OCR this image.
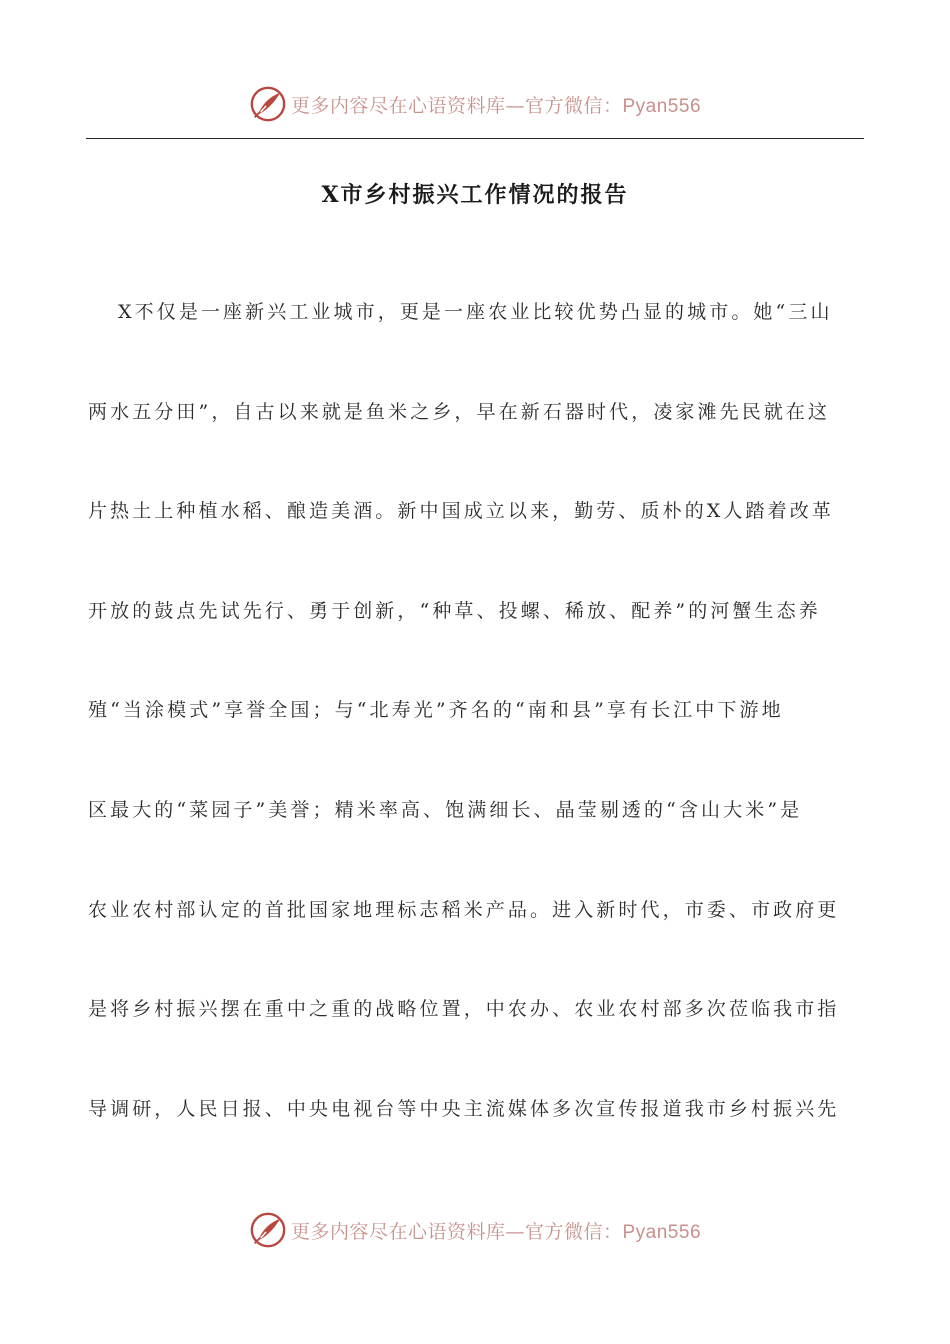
更多内容尽在心语资料库—官方微信：Pyan556
X市乡村振兴工作情况的报告

X不仅是一座新兴工业城市，更是一座农业比较优势凸显的城市。她“三山
两水五分田”，自古以来就是鱼米之乡，早在新石器时代，凌家滩先民就在这
片热土上种植水稻、酿造美酒。新中国成立以来，勤劳、质朴的X人踏着改革
开放的鼓点先试先行、勇于创新，“种草、投螺、稀放、配养”的河蟹生态养
殖“当涂模式”享誉全国；与“北寿光”齐名的“南和县”享有长江中下游地
区最大的“菜园子”美誉；精米率高、饱满细长、晶莹剔透的“含山大米”是
农业农村部认定的首批国家地理标志稻米产品。进入新时代，市委、市政府更
是将乡村振兴摆在重中之重的战略位置，中农办、农业农村部多次莅临我市指
导调研，人民日报、中央电视台等中央主流媒体多次宣传报道我市乡村振兴先

更多内容尽在心语资料库—官方微信：Pyan556
